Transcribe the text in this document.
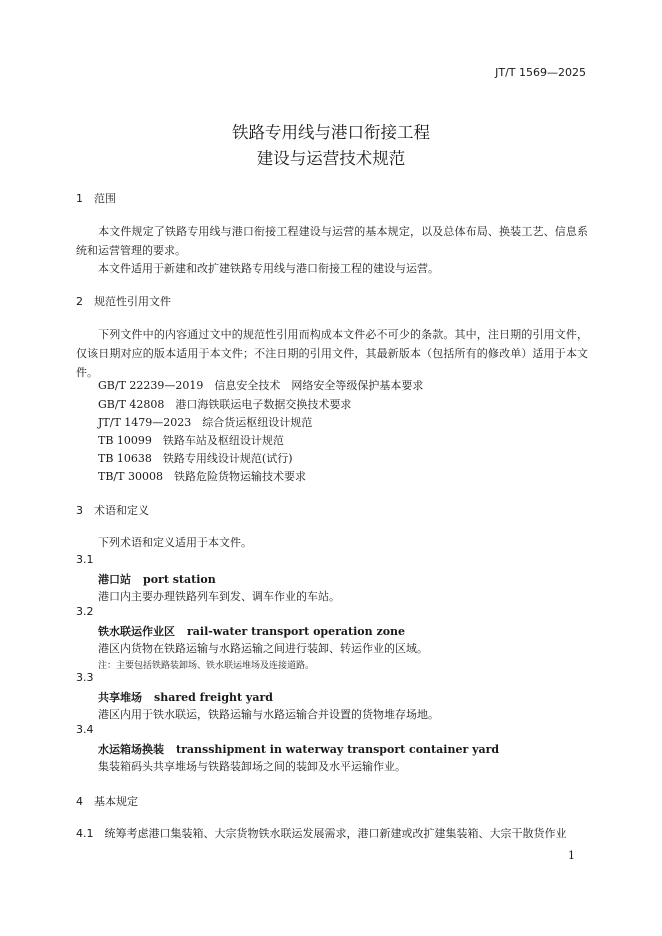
JT/T 1569—2025
铁路专用线与港口衔接工程
建设与运营技术规范
1 范围
本文件规定了铁路专用线与港口衔接工程建设与运营的基本规定，以及总体布局、换装工艺、信息系统和运营管理的要求。
本文件适用于新建和改扩建铁路专用线与港口衔接工程的建设与运营。
2 规范性引用文件
下列文件中的内容通过文中的规范性引用而构成本文件必不可少的条款。其中，注日期的引用文件，仅该日期对应的版本适用于本文件；不注日期的引用文件，其最新版本（包括所有的修改单）适用于本文件。
GB/T 22239—2019　 信息安全技术　网络安全等级保护基本要求
GB/T 42808　 港口海铁联运电子数据交换技术要求
JT/T 1479—2023　 综合货运枢纽设计规范
TB 10099　 铁路车站及枢纽设计规范
TB 10638　 铁路专用线设计规范(试行)
TB/T 30008　 铁路危险货物运输技术要求
3 术语和定义
下列术语和定义适用于本文件。
3.1
港口站 port station
港口内主要办理铁路列车到发、调车作业的车站。
3.2
铁水联运作业区 rail-water transport operation zone
港区内货物在铁路运输与水路运输之间进行装卸、转运作业的区域。
注：主要包括铁路装卸场、铁水联运堆场及连接道路。
3.3
共享堆场 shared freight yard
港区内用于铁水联运，铁路运输与水路运输合并设置的货物堆存场地。
3.4
水运箱场换装 transshipment in waterway transport container yard
集装箱码头共享堆场与铁路装卸场之间的装卸及水平运输作业。
4 基本规定
4.1　 统筹考虑港口集装箱、大宗货物铁水联运发展需求，港口新建或改扩建集装箱、大宗干散货作业
1
